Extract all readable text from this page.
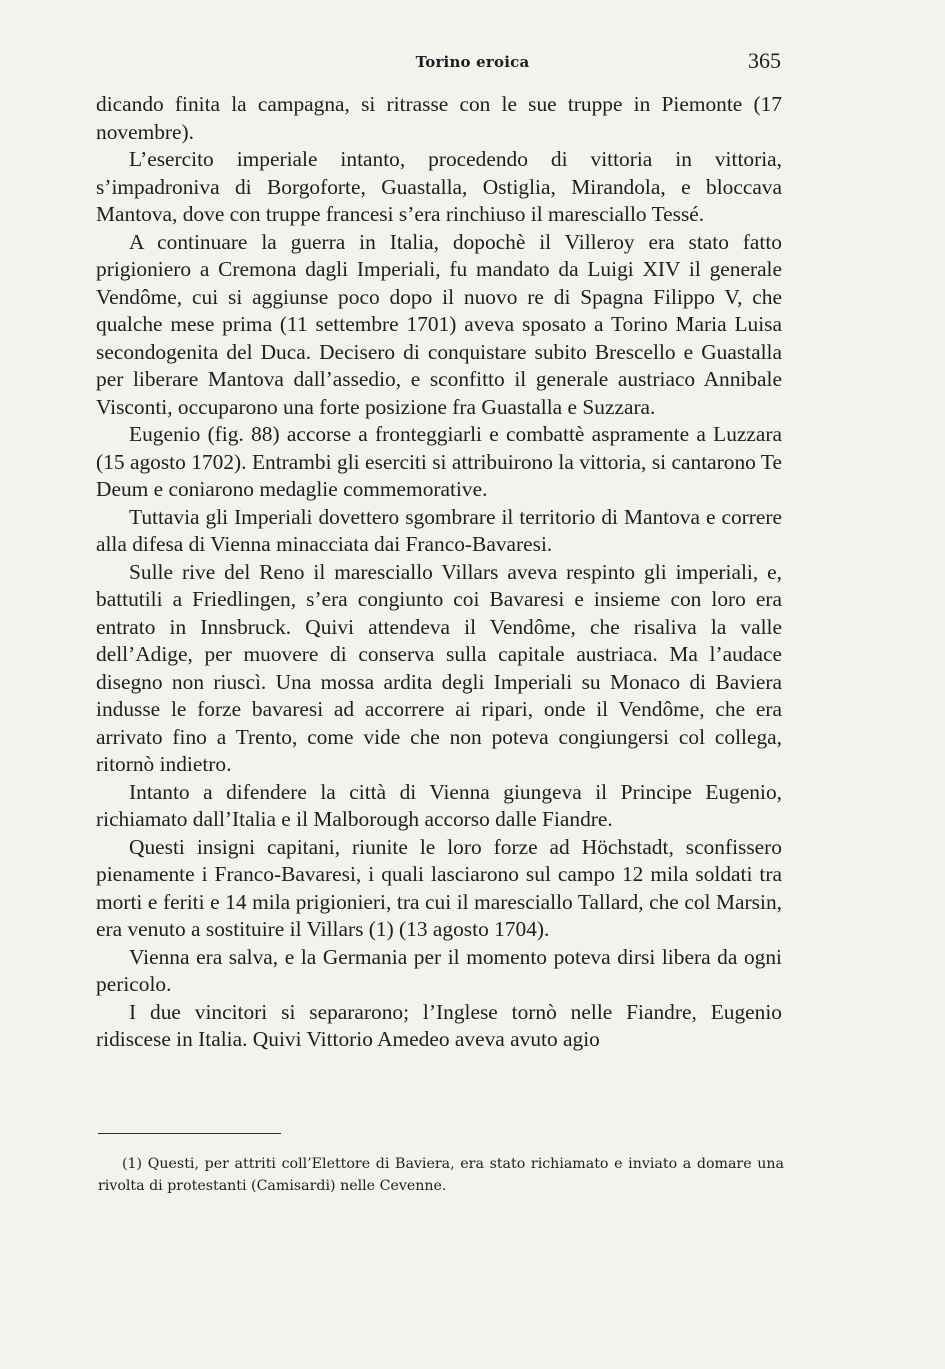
Torino eroica	365

dicando finita la campagna, si ritrasse con le sue truppe in Piemonte (17 novembre).

L’esercito imperiale intanto, procedendo di vittoria in vittoria, s’impadroniva di Borgoforte, Guastalla, Ostiglia, Mirandola, e bloccava Mantova, dove con truppe francesi s’era rinchiuso il maresciallo Tessé.

A continuare la guerra in Italia, dopochè il Villeroy era stato fatto prigioniero a Cremona dagli Imperiali, fu mandato da Luigi XIV il generale Vendôme, cui si aggiunse poco dopo il nuovo re di Spagna Filippo V, che qualche mese prima (11 settembre 1701) aveva sposato a Torino Maria Luisa secondogenita del Duca. Decisero di conquistare subito Brescello e Guastalla per liberare Mantova dall’assedio, e sconfitto il generale austriaco Annibale Visconti, occuparono una forte posizione fra Guastalla e Suzzara.

Eugenio (fig. 88) accorse a fronteggiarli e combattè aspramente a Luzzara (15 agosto 1702). Entrambi gli eserciti si attribuirono la vittoria, si cantarono Te Deum e coniarono medaglie commemorative.

Tuttavia gli Imperiali dovettero sgombrare il territorio di Mantova e correre alla difesa di Vienna minacciata dai Franco-Bavaresi.

Sulle rive del Reno il maresciallo Villars aveva respinto gli imperiali, e, battutili a Friedlingen, s’era congiunto coi Bavaresi e insieme con loro era entrato in Innsbruck. Quivi attendeva il Vendôme, che risaliva la valle dell’Adige, per muovere di conserva sulla capitale austriaca. Ma l’audace disegno non riuscì. Una mossa ardita degli Imperiali su Monaco di Baviera indusse le forze bavaresi ad accorrere ai ripari, onde il Vendôme, che era arrivato fino a Trento, come vide che non poteva congiungersi col collega, ritornò indietro.

Intanto a difendere la città di Vienna giungeva il Principe Eugenio, richiamato dall’Italia e il Malborough accorso dalle Fiandre.

Questi insigni capitani, riunite le loro forze ad Höchstadt, sconfissero pienamente i Franco-Bavaresi, i quali lasciarono sul campo 12 mila soldati tra morti e feriti e 14 mila prigionieri, tra cui il maresciallo Tallard, che col Marsin, era venuto a sostituire il Villars (1) (13 agosto 1704).

Vienna era salva, e la Germania per il momento poteva dirsi libera da ogni pericolo.

I due vincitori si separarono; l’Inglese tornò nelle Fiandre, Eugenio ridiscese in Italia. Quivi Vittorio Amedeo aveva avuto agio

(1) Questi, per attriti coll’Elettore di Baviera, era stato richiamato e inviato a domare una rivolta di protestanti (Camisardi) nelle Cevenne.
